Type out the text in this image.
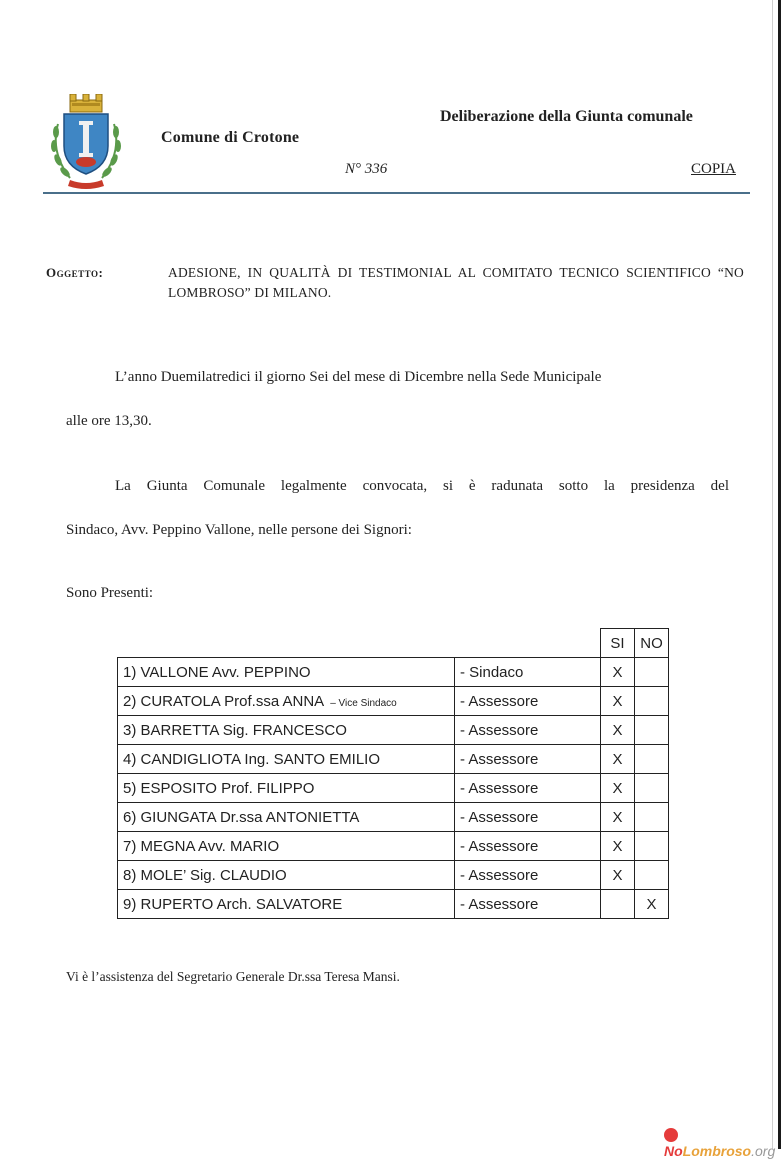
Comune di Crotone
Deliberazione della Giunta comunale
N° 336	COPIA
Oggetto:	ADESIONE, IN QUALITÀ DI TESTIMONIAL AL COMITATO TECNICO SCIENTIFICO “NO LOMBROSO” DI MILANO.
L’anno Duemilatredici il giorno Sei del mese di Dicembre nella Sede Municipale
alle ore 13,30.
La Giunta Comunale legalmente convocata, si è radunata sotto la presidenza del
Sindaco, Avv. Peppino Vallone, nelle persone dei Signori:
Sono Presenti:
		SI	NO
1) VALLONE Avv. PEPPINO	- Sindaco	X	
2) CURATOLA Prof.ssa ANNA – Vice Sindaco	- Assessore	X	
3) BARRETTA Sig. FRANCESCO	- Assessore	X	
4) CANDIGLIOTA Ing. SANTO EMILIO	- Assessore	X	
5) ESPOSITO Prof. FILIPPO	- Assessore	X	
6) GIUNGATA Dr.ssa ANTONIETTA	- Assessore	X	
7) MEGNA Avv. MARIO	- Assessore	X	
8) MOLE’ Sig. CLAUDIO	- Assessore	X	
9) RUPERTO Arch. SALVATORE	- Assessore		X
Vi è l’assistenza del Segretario Generale Dr.ssa Teresa Mansi.
NoLombroso.org
